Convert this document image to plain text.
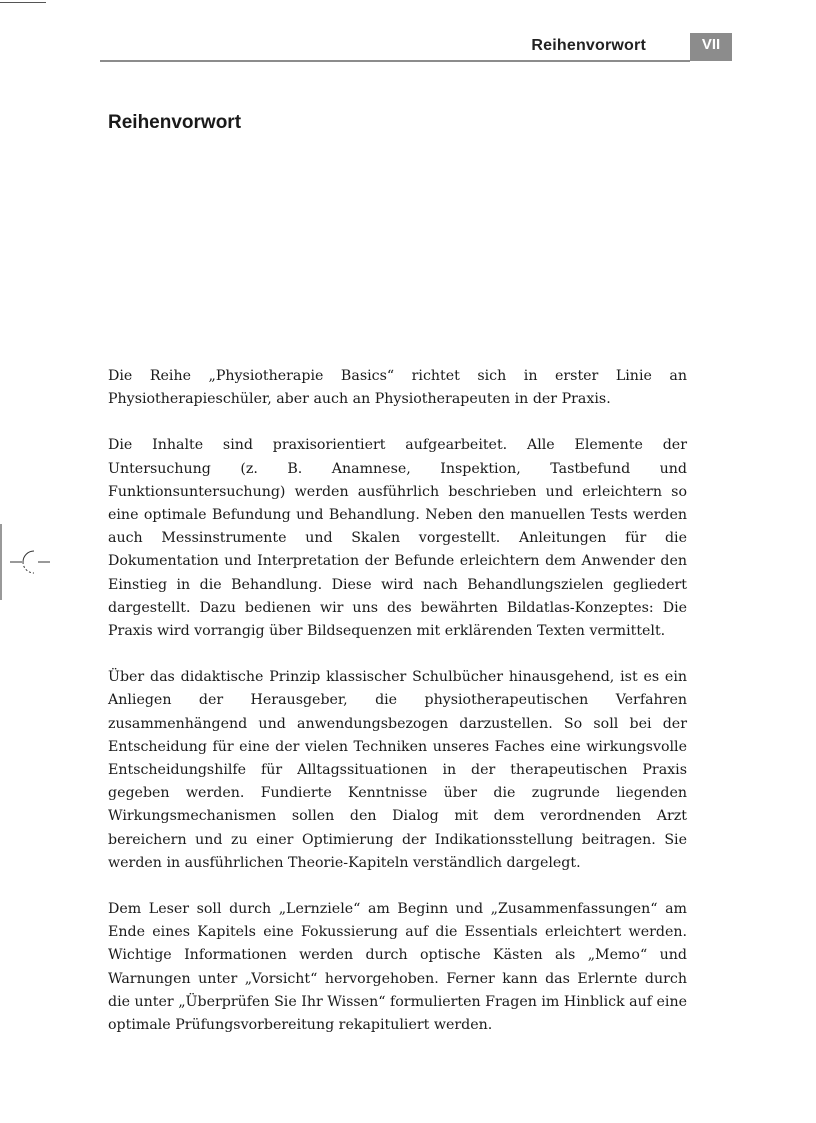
Reihenvorwort	VII
Reihenvorwort

Die Reihe „Physiotherapie Basics“ richtet sich in erster Linie an Physiotherapieschüler, aber auch an Physiotherapeuten in der Praxis.

Die Inhalte sind praxisorientiert aufgearbeitet. Alle Elemente der Untersuchung (z. B. Anamnese, Inspektion, Tastbefund und Funktionsuntersuchung) werden ausführlich beschrieben und erleichtern so eine optimale Befundung und Behandlung. Neben den manuellen Tests werden auch Messinstrumente und Skalen vorgestellt. Anleitungen für die Dokumentation und Interpretation der Befunde erleichtern dem Anwender den Einstieg in die Behandlung. Diese wird nach Behandlungszielen gegliedert dargestellt. Dazu bedienen wir uns des bewährten Bildatlas-Konzeptes: Die Praxis wird vorrangig über Bildsequenzen mit erklärenden Texten vermittelt.

Über das didaktische Prinzip klassischer Schulbücher hinausgehend, ist es ein Anliegen der Herausgeber, die physiotherapeutischen Verfahren zusammenhängend und anwendungsbezogen darzustellen. So soll bei der Entscheidung für eine der vielen Techniken unseres Faches eine wirkungsvolle Entscheidungshilfe für Alltagssituationen in der therapeutischen Praxis gegeben werden. Fundierte Kenntnisse über die zugrunde liegenden Wirkungsmechanismen sollen den Dialog mit dem verordnenden Arzt bereichern und zu einer Optimierung der Indikationsstellung beitragen. Sie werden in ausführlichen Theorie-Kapiteln verständlich dargelegt.

Dem Leser soll durch „Lernziele“ am Beginn und „Zusammenfassungen“ am Ende eines Kapitels eine Fokussierung auf die Essentials erleichtert werden. Wichtige Informationen werden durch optische Kästen als „Memo“ und Warnungen unter „Vorsicht“ hervorgehoben. Ferner kann das Erlernte durch die unter „Überprüfen Sie Ihr Wissen“ formulierten Fragen im Hinblick auf eine optimale Prüfungsvorbereitung rekapituliert werden.
